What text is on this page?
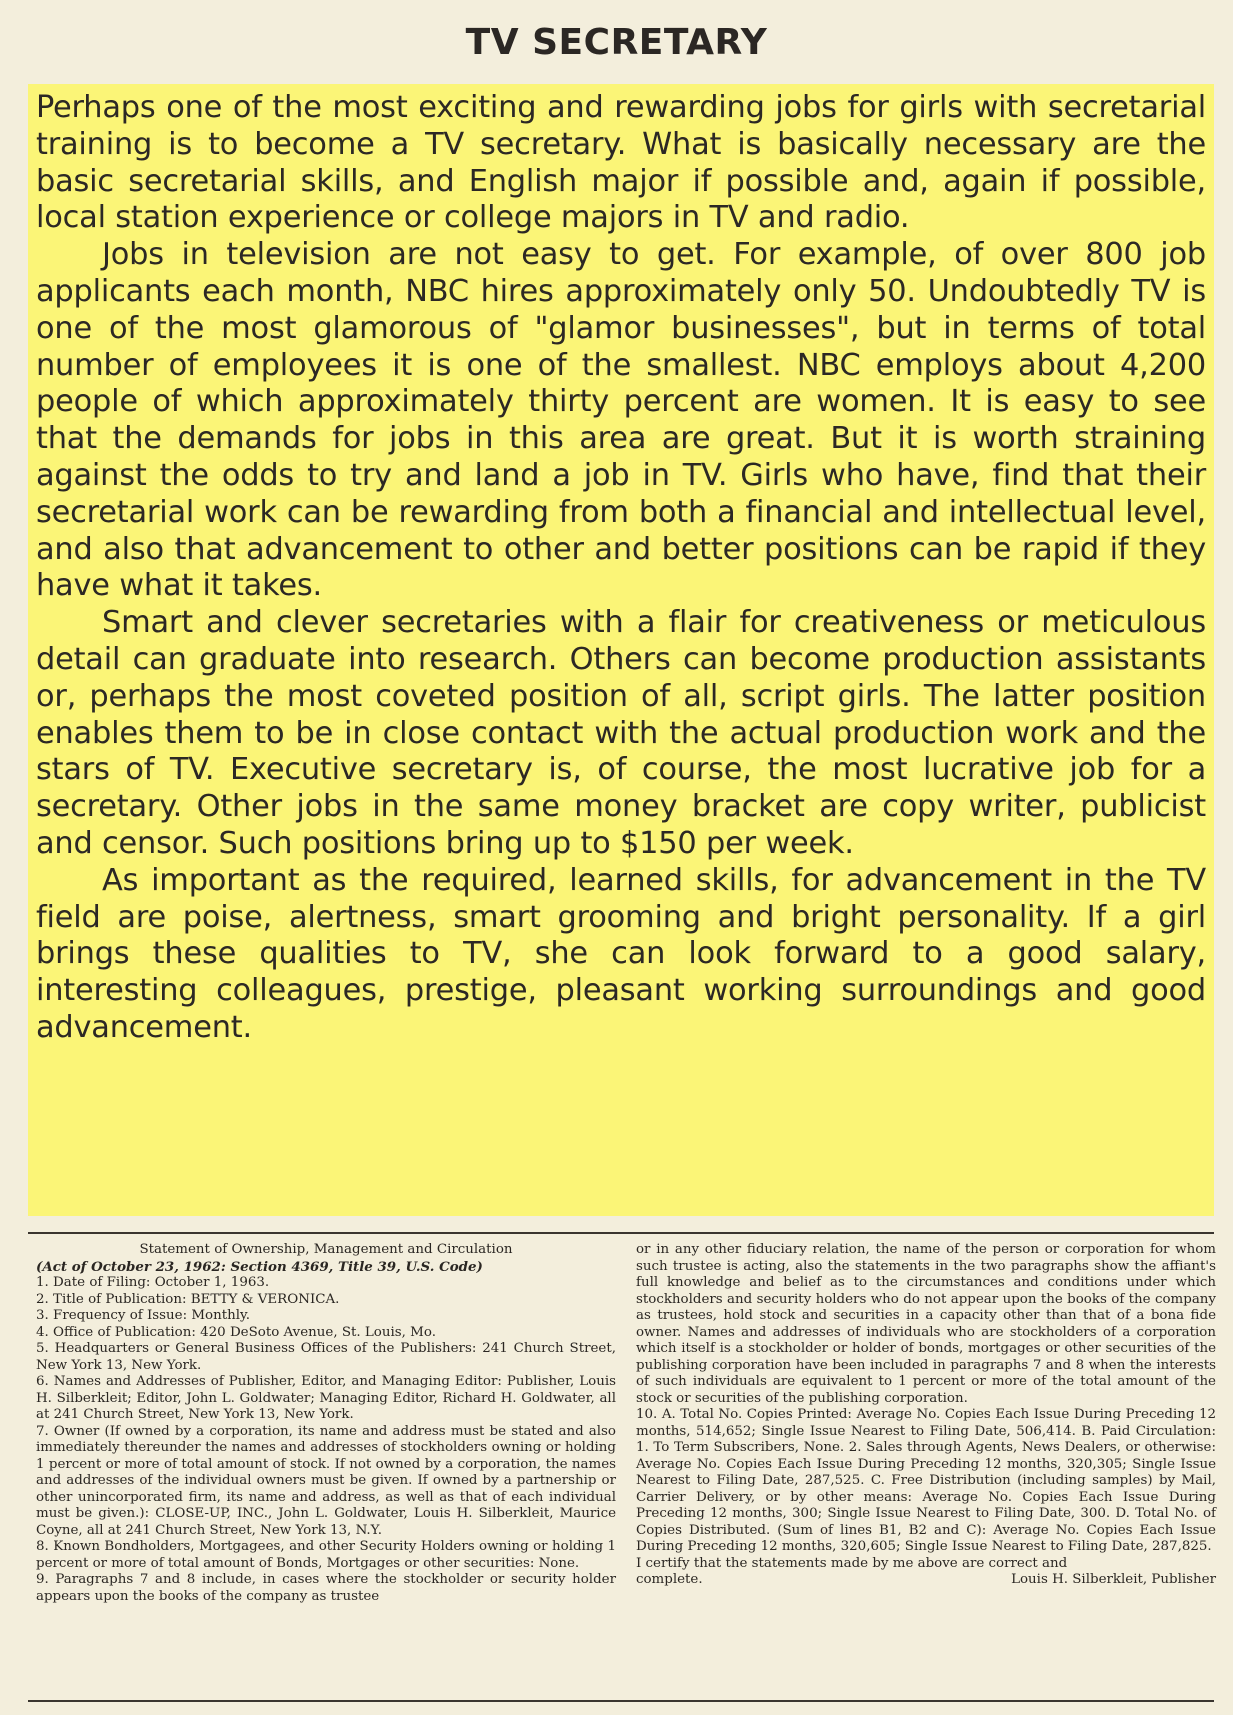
TV SECRETARY

Perhaps one of the most exciting and rewarding jobs for girls with secretarial training is to become a TV secretary. What is basically necessary are the basic secretarial skills, and English major if possible and, again if possible, local station experience or college majors in TV and radio.

Jobs in television are not easy to get. For example, of over 800 job applicants each month, NBC hires approximately only 50. Undoubtedly TV is one of the most glamorous of "glamor businesses", but in terms of total number of employees it is one of the smallest. NBC employs about 4,200 people of which approximately thirty percent are women. It is easy to see that the demands for jobs in this area are great. But it is worth straining against the odds to try and land a job in TV. Girls who have, find that their secretarial work can be rewarding from both a financial and intellectual level, and also that advancement to other and better positions can be rapid if they have what it takes.

Smart and clever secretaries with a flair for creativeness or meticulous detail can graduate into research. Others can become production assistants or, perhaps the most coveted position of all, script girls. The latter position enables them to be in close contact with the actual production work and the stars of TV. Executive secretary is, of course, the most lucrative job for a secretary. Other jobs in the same money bracket are copy writer, publicist and censor. Such positions bring up to $150 per week.

As important as the required, learned skills, for advancement in the TV field are poise, alertness, smart grooming and bright personality. If a girl brings these qualities to TV, she can look forward to a good salary, interesting colleagues, prestige, pleasant working surroundings and good advancement.

Statement of Ownership, Management and Circulation

(Act of October 23, 1962: Section 4369, Title 39, U.S. Code)

1. Date of Filing: October 1, 1963.

2. Title of Publication: BETTY & VERONICA.

3. Frequency of Issue: Monthly.

4. Office of Publication: 420 DeSoto Avenue, St. Louis, Mo.

5. Headquarters or General Business Offices of the Publishers: 241 Church Street, New York 13, New York.

6. Names and Addresses of Publisher, Editor, and Managing Editor: Publisher, Louis H. Silberkleit; Editor, John L. Goldwater; Managing Editor, Richard H. Goldwater, all at 241 Church Street, New York 13, New York.

7. Owner (If owned by a corporation, its name and address must be stated and also immediately thereunder the names and addresses of stockholders owning or holding 1 percent or more of total amount of stock. If not owned by a corporation, the names and addresses of the individual owners must be given. If owned by a partnership or other unincorporated firm, its name and address, as well as that of each individual must be given.): CLOSE-UP, INC., John L. Goldwater, Louis H. Silberkleit, Maurice Coyne, all at 241 Church Street, New York 13, N.Y.

8. Known Bondholders, Mortgagees, and other Security Holders owning or holding 1 percent or more of total amount of Bonds, Mortgages or other securities: None.

9. Paragraphs 7 and 8 include, in cases where the stockholder or security holder appears upon the books of the company as trustee

or in any other fiduciary relation, the name of the person or corporation for whom such trustee is acting, also the statements in the two paragraphs show the affiant's full knowledge and belief as to the circumstances and conditions under which stockholders and security holders who do not appear upon the books of the company as trustees, hold stock and securities in a capacity other than that of a bona fide owner. Names and addresses of individuals who are stockholders of a corporation which itself is a stockholder or holder of bonds, mortgages or other securities of the publishing corporation have been included in paragraphs 7 and 8 when the interests of such individuals are equivalent to 1 percent or more of the total amount of the stock or securities of the publishing corporation.

10. A. Total No. Copies Printed: Average No. Copies Each Issue During Preceding 12 months, 514,652; Single Issue Nearest to Filing Date, 506,414. B. Paid Circulation: 1. To Term Subscribers, None. 2. Sales through Agents, News Dealers, or otherwise: Average No. Copies Each Issue During Preceding 12 months, 320,305; Single Issue Nearest to Filing Date, 287,525. C. Free Distribution (including samples) by Mail, Carrier Delivery, or by other means: Average No. Copies Each Issue During Preceding 12 months, 300; Single Issue Nearest to Filing Date, 300. D. Total No. of Copies Distributed. (Sum of lines B1, B2 and C): Average No. Copies Each Issue During Preceding 12 months, 320,605; Single Issue Nearest to Filing Date, 287,825.

I certify that the statements made by me above are correct and

complete.	Louis H. Silberkleit, Publisher
